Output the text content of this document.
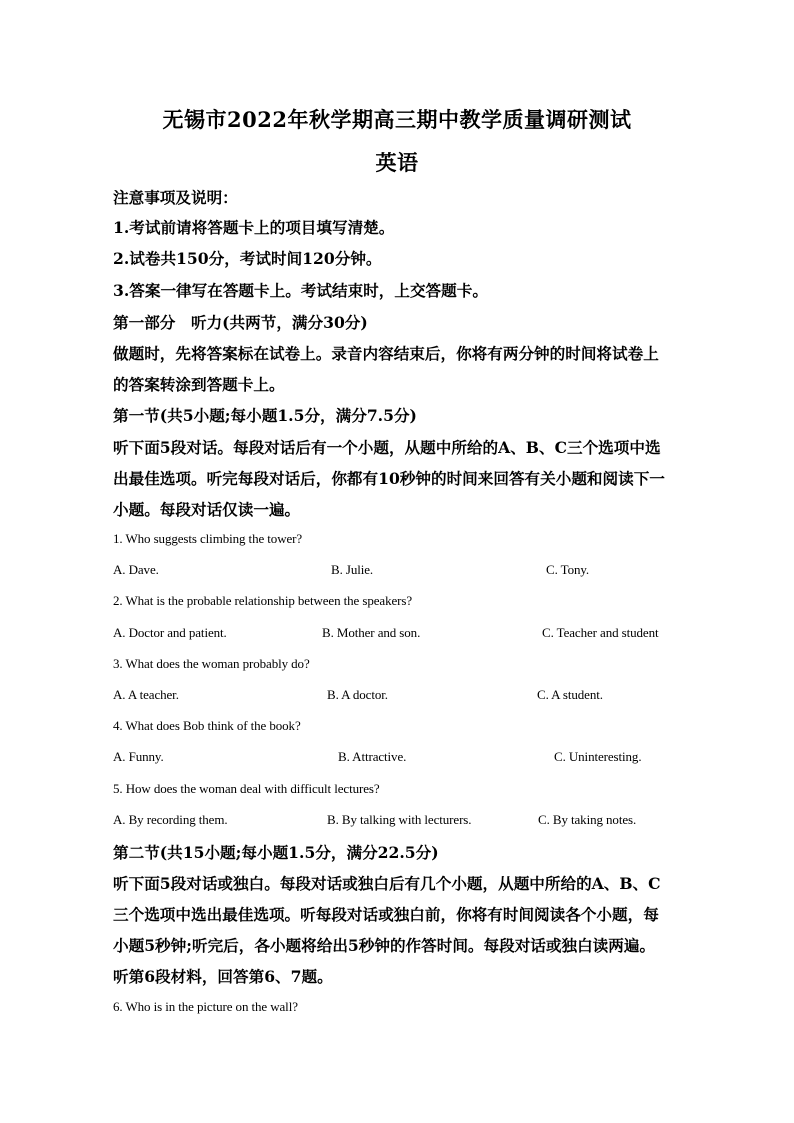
无锡市2022年秋学期高三期中教学质量调研测试
英语
注意事项及说明：
1.考试前请将答题卡上的项目填写清楚。
2.试卷共150分，考试时间120分钟。
3.答案一律写在答题卡上。考试结束时，上交答题卡。
第一部分　听力(共两节，满分30分)
做题时，先将答案标在试卷上。录音内容结束后，你将有两分钟的时间将试卷上
的答案转涂到答题卡上。
第一节(共5小题;每小题1.5分，满分7.5分)
听下面5段对话。每段对话后有一个小题，从题中所给的A、B、C三个选项中选
出最佳选项。听完每段对话后，你都有10秒钟的时间来回答有关小题和阅读下一
小题。每段对话仅读一遍。
1. Who suggests climbing the tower?
A. Dave.	B. Julie.	C. Tony.
2. What is the probable relationship between the speakers?
A. Doctor and patient.	B. Mother and son.	C. Teacher and student
3. What does the woman probably do?
A. A teacher.	B. A doctor.	C. A student.
4. What does Bob think of the book?
A. Funny.	B. Attractive.	C. Uninteresting.
5. How does the woman deal with difficult lectures?
A. By recording them.	B. By talking with lecturers.	C. By taking notes.
第二节(共15小题;每小题1.5分，满分22.5分)
听下面5段对话或独白。每段对话或独白后有几个小题，从题中所给的A、B、C
三个选项中选出最佳选项。听每段对话或独白前，你将有时间阅读各个小题，每
小题5秒钟;听完后，各小题将给出5秒钟的作答时间。每段对话或独白读两遍。
听第6段材料，回答第6、7题。
6. Who is in the picture on the wall?
